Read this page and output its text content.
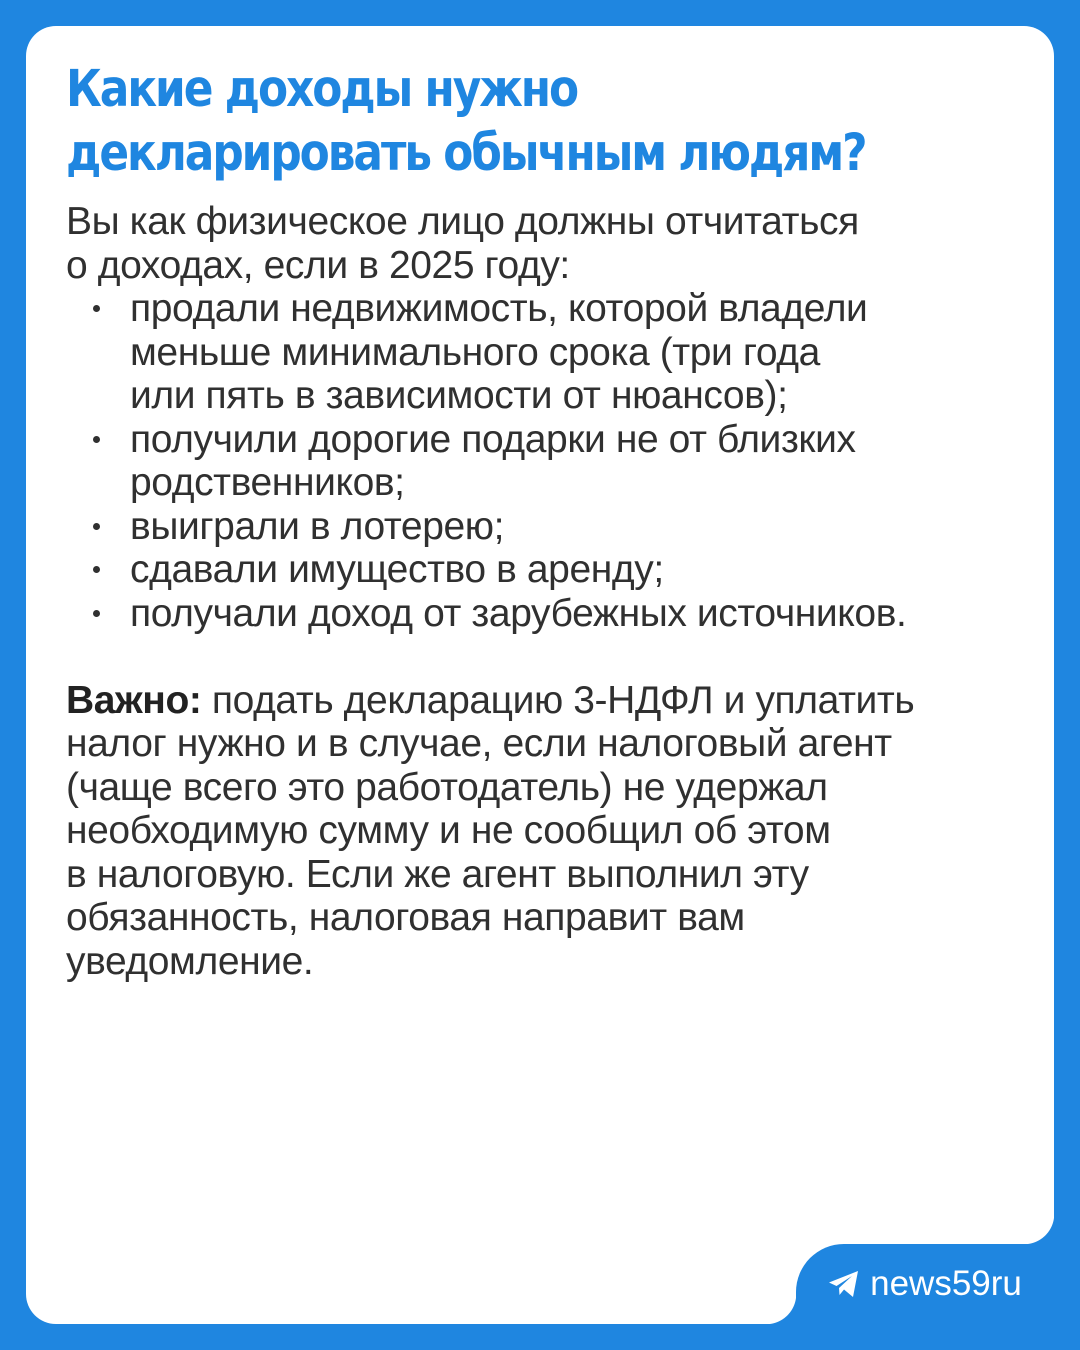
Какие доходы нужно
декларировать обычным людям?

Вы как физическое лицо должны отчитаться
о доходах, если в 2025 году:

продали недвижимость, которой владели
меньше минимального срока (три года
или пять в зависимости от нюансов);
получили дорогие подарки не от близких
родственников;
выиграли в лотерею;
сдавали имущество в аренду;
получали доход от зарубежных источников.

Важно: подать декларацию 3-НДФЛ и уплатить
налог нужно и в случае, если налоговый агент
(чаще всего это работодатель) не удержал
необходимую сумму и не сообщил об этом
в налоговую. Если же агент выполнил эту
обязанность, налоговая направит вам
уведомление.

news59ru
